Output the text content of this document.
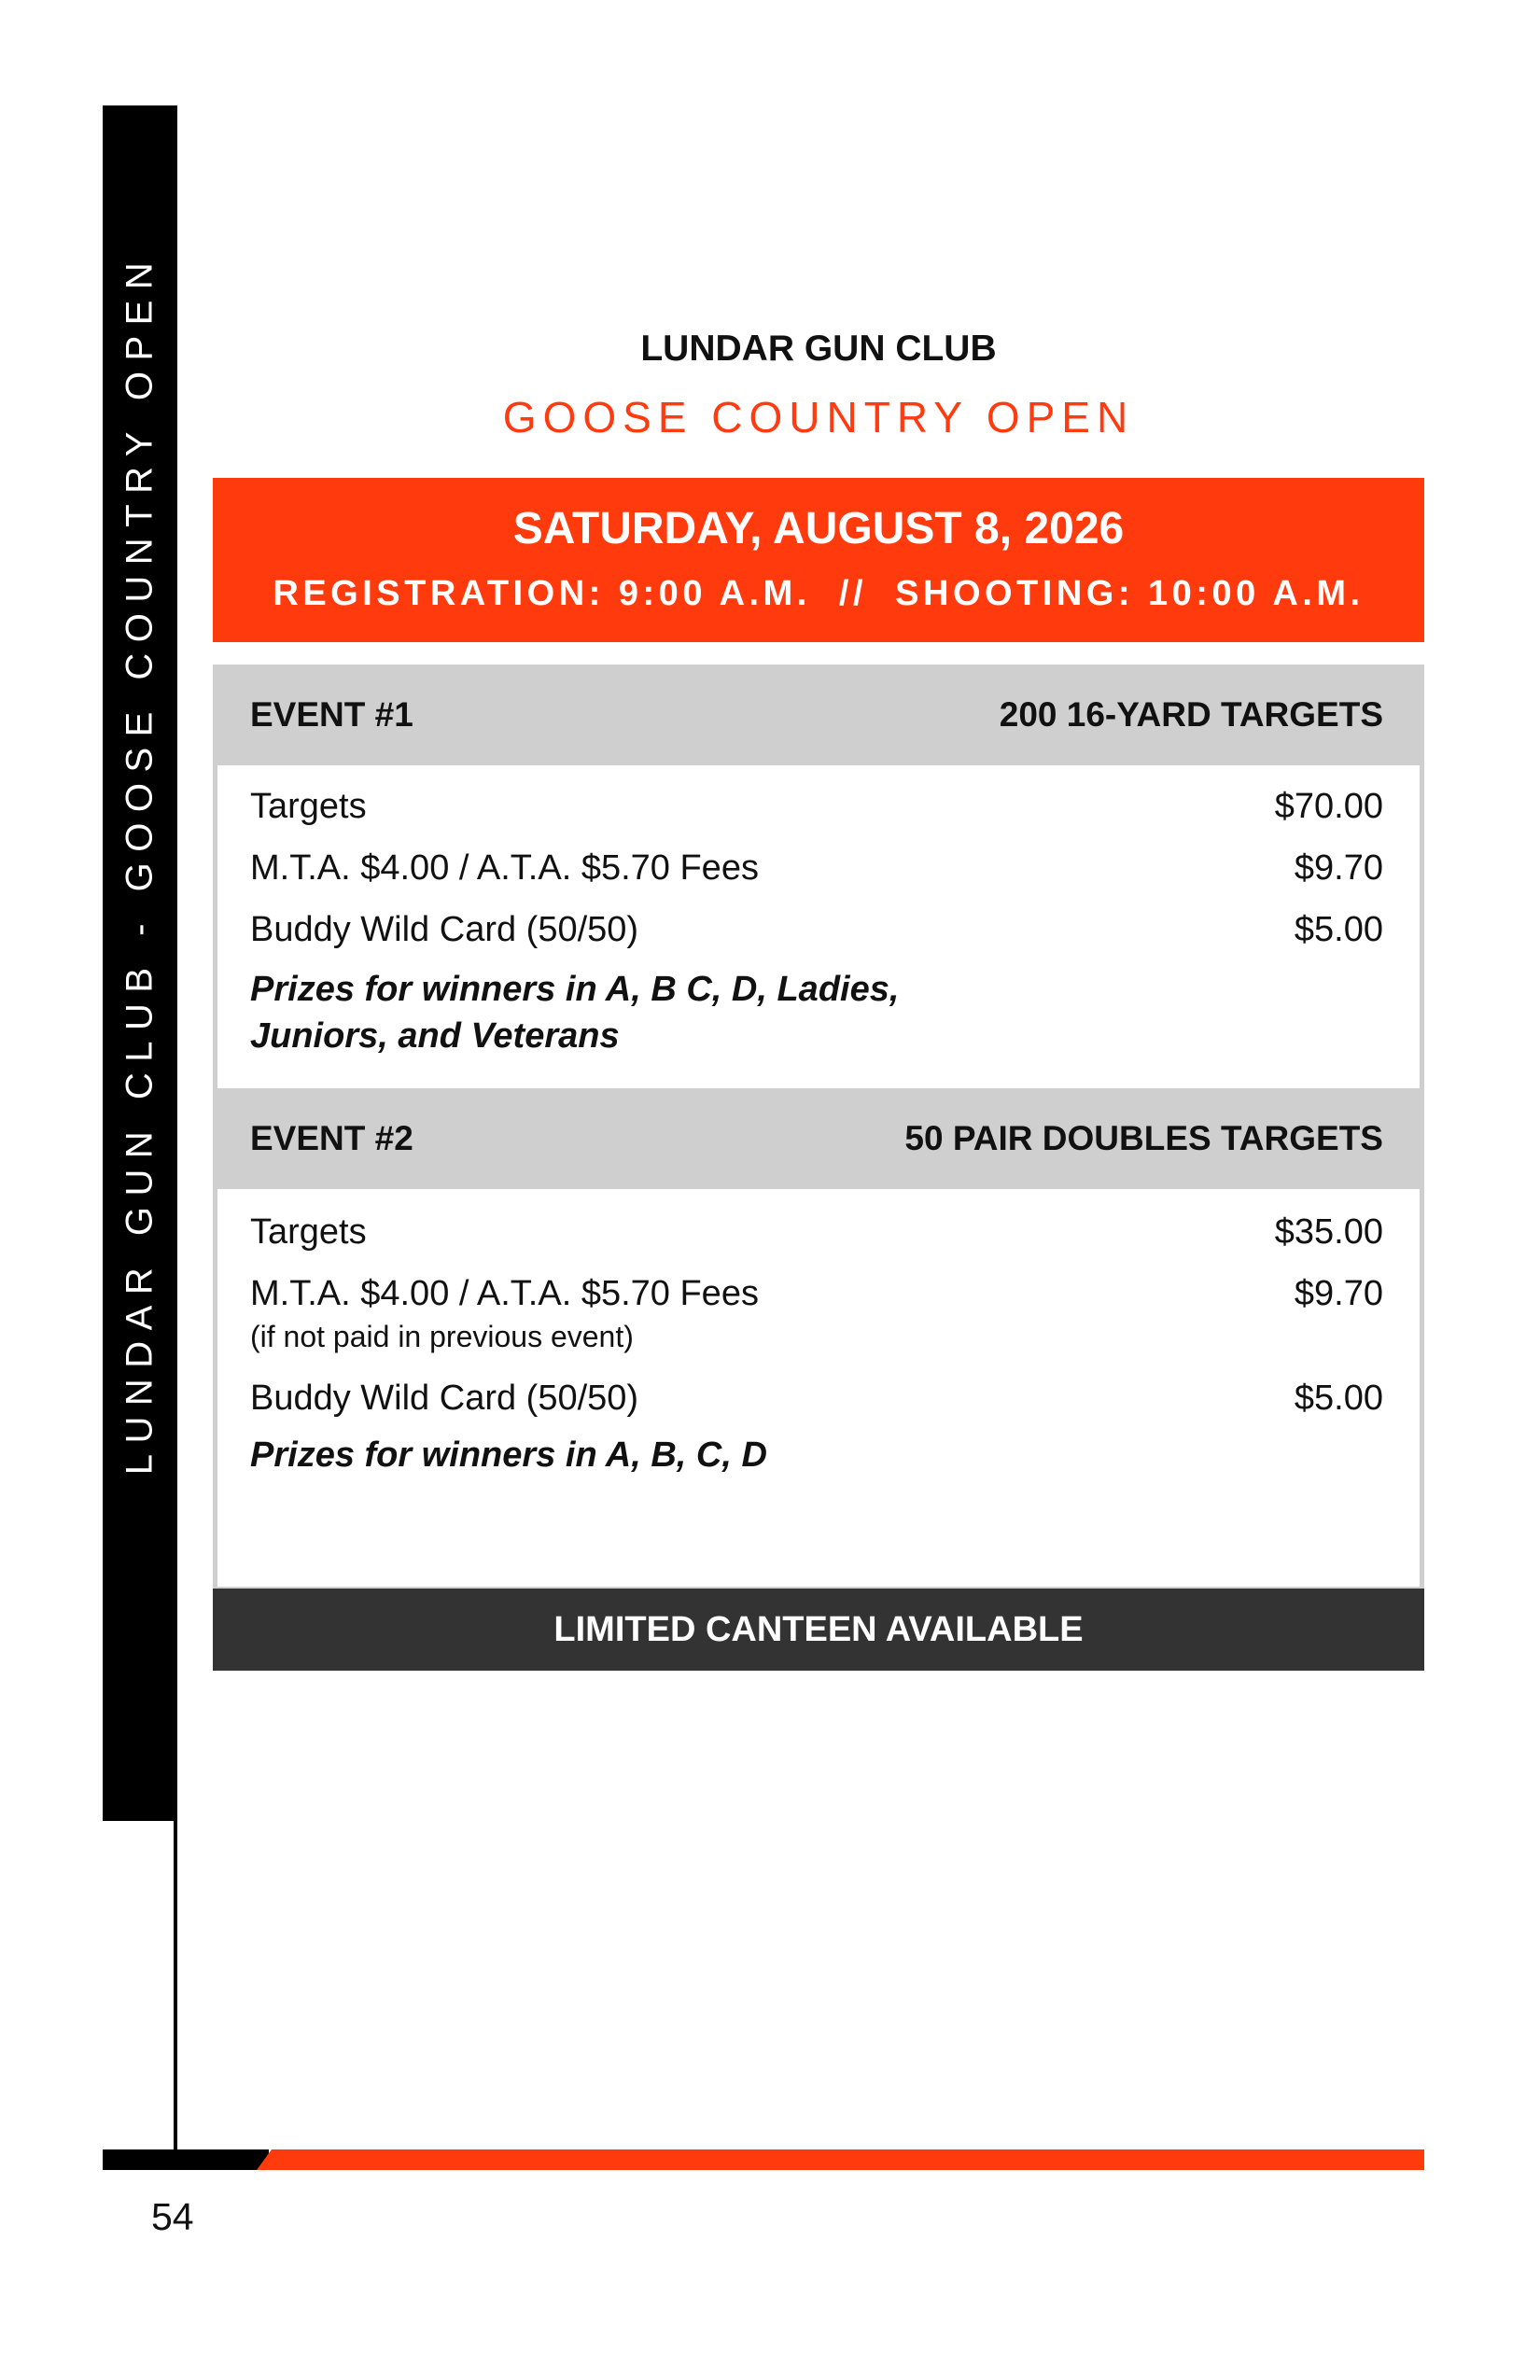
LUNDAR GUN CLUB - GOOSE COUNTRY OPEN	LUNDAR GUN CLUB
GOOSE COUNTRY OPEN
SATURDAY, AUGUST 8, 2026
REGISTRATION: 9:00 A.M.  //  SHOOTING: 10:00 A.M.
EVENT #1	200 16-YARD TARGETS
Targets	$70.00
M.T.A. $4.00 / A.T.A. $5.70 Fees	$9.70
Buddy Wild Card (50/50)	$5.00
Prizes for winners in A, B C, D, Ladies,
Juniors, and Veterans
EVENT #2	50 PAIR DOUBLES TARGETS
Targets	$35.00
M.T.A. $4.00 / A.T.A. $5.70 Fees	$9.70
(if not paid in previous event)
Buddy Wild Card (50/50)	$5.00
Prizes for winners in A, B, C, D
LIMITED CANTEEN AVAILABLE
54
